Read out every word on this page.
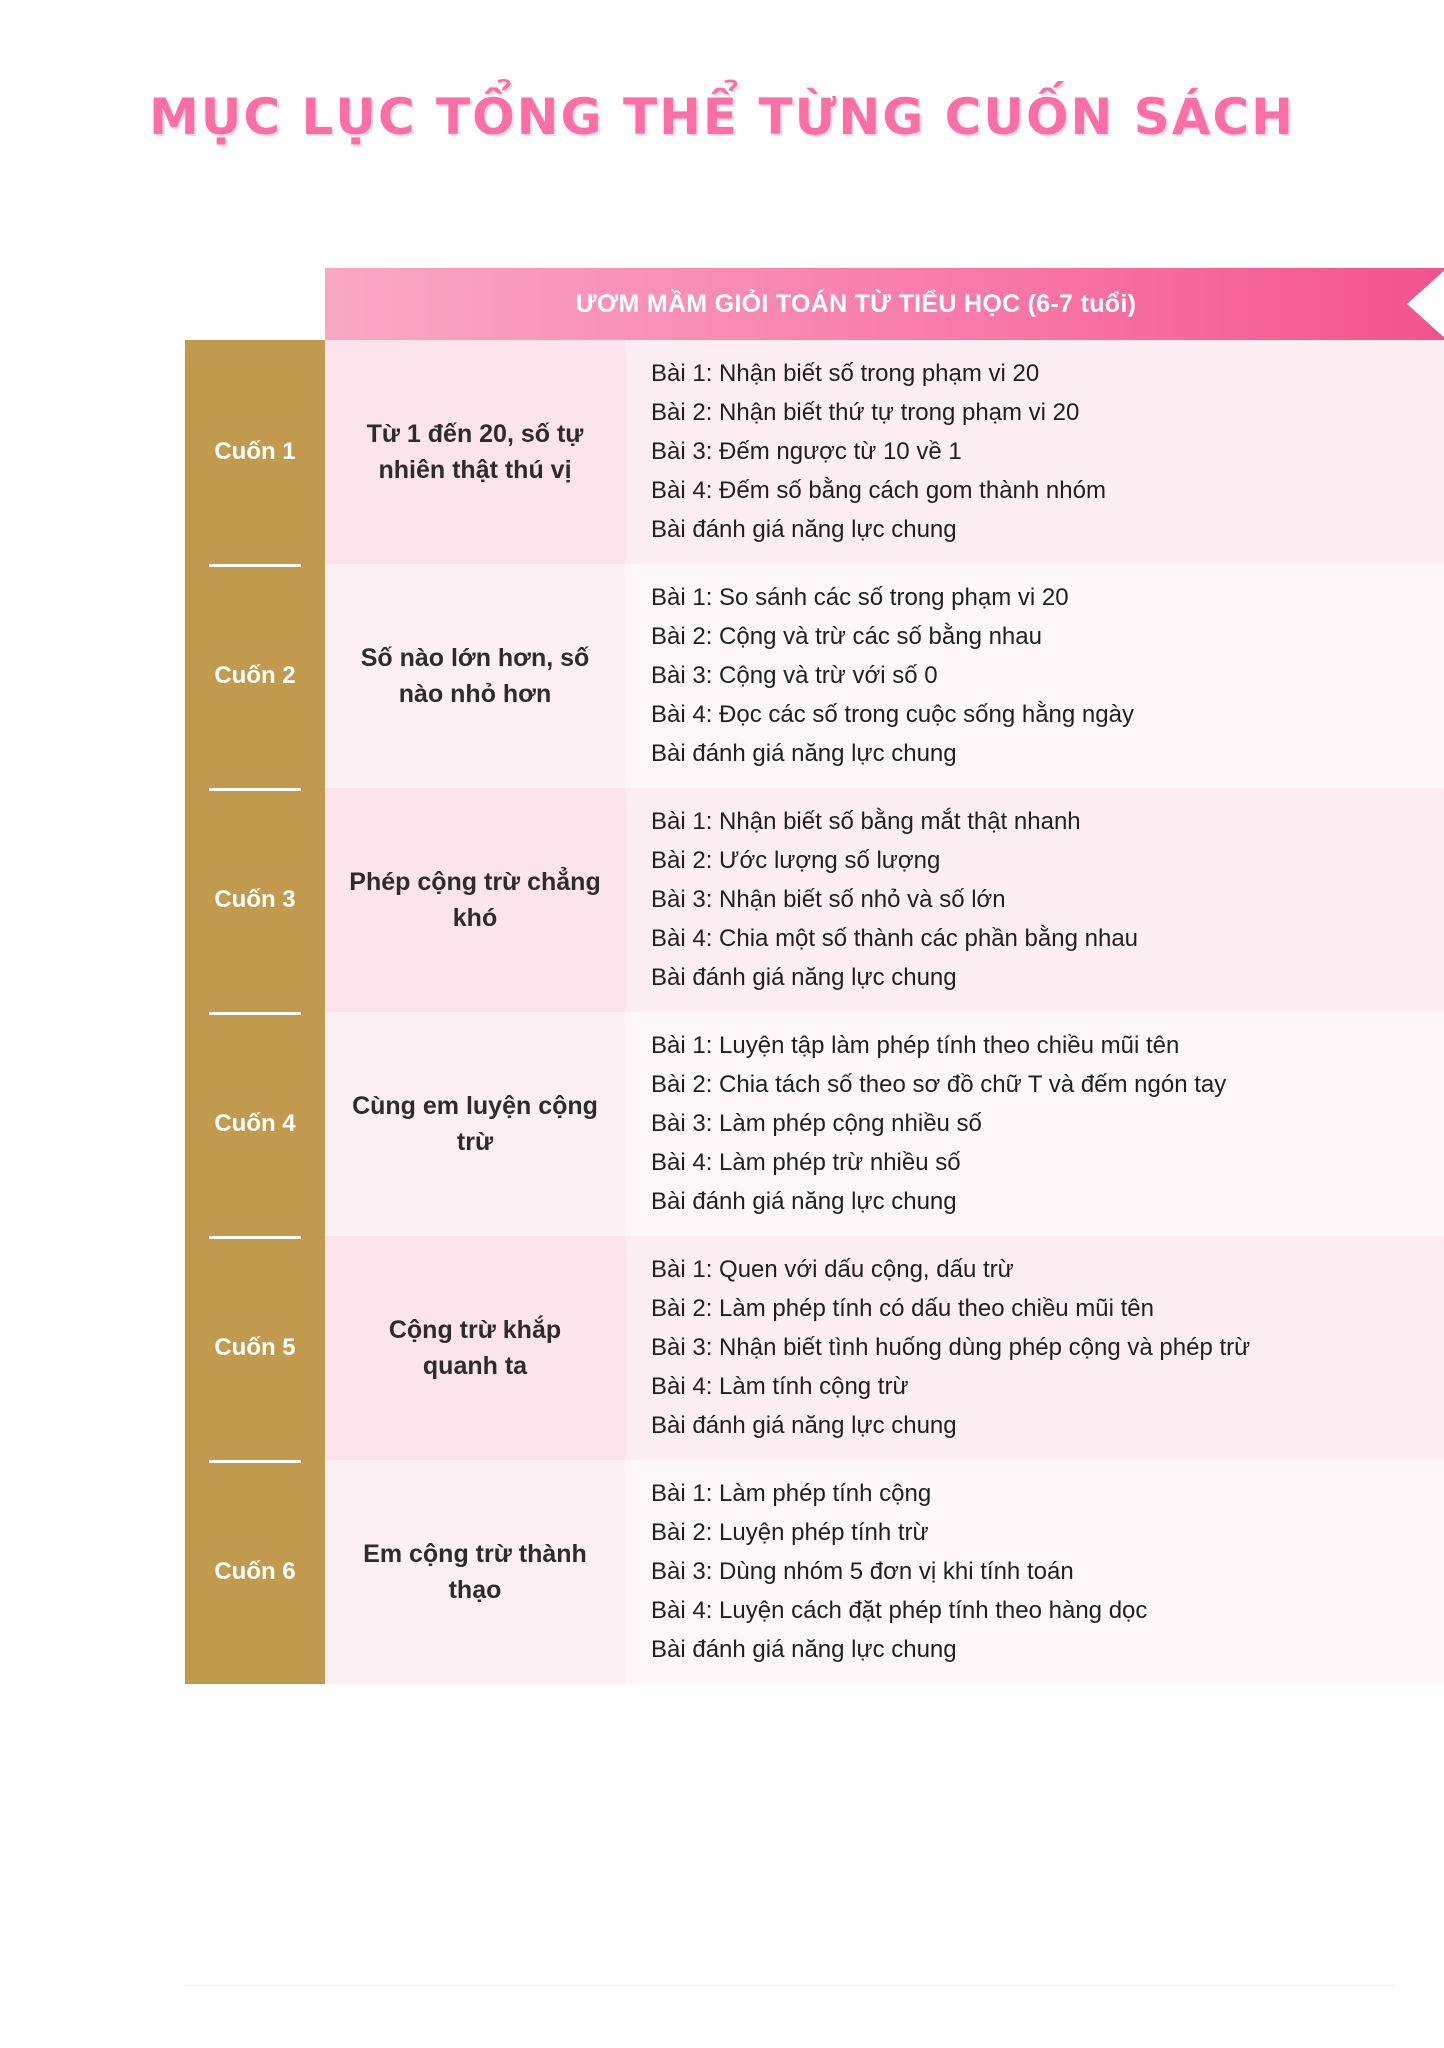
MỤC LỤC TỔNG THỂ TỪNG CUỐN SÁCH
ƯƠM MẦM GIỎI TOÁN TỪ TIỂU HỌC (6-7 tuổi)
Cuốn 1
Cuốn 2
Cuốn 3
Cuốn 4
Cuốn 5
Cuốn 6
Từ 1 đến 20, số tự nhiên thật thú vị
Bài 1: Nhận biết số trong phạm vi 20
Bài 2: Nhận biết thứ tự trong phạm vi 20
Bài 3: Đếm ngược từ 10 về 1
Bài 4: Đếm số bằng cách gom thành nhóm
Bài đánh giá năng lực chung
Số nào lớn hơn, số nào nhỏ hơn
Bài 1: So sánh các số trong phạm vi 20
Bài 2: Cộng và trừ các số bằng nhau
Bài 3: Cộng và trừ với số 0
Bài 4: Đọc các số trong cuộc sống hằng ngày
Bài đánh giá năng lực chung
Phép cộng trừ chẳng khó
Bài 1: Nhận biết số bằng mắt thật nhanh
Bài 2: Ước lượng số lượng
Bài 3: Nhận biết số nhỏ và số lớn
Bài 4: Chia một số thành các phần bằng nhau
Bài đánh giá năng lực chung
Cùng em luyện cộng trừ
Bài 1: Luyện tập làm phép tính theo chiều mũi tên
Bài 2: Chia tách số theo sơ đồ chữ T và đếm ngón tay
Bài 3: Làm phép cộng nhiều số
Bài 4: Làm phép trừ nhiều số
Bài đánh giá năng lực chung
Cộng trừ khắp quanh ta
Bài 1: Quen với dấu cộng, dấu trừ
Bài 2: Làm phép tính có dấu theo chiều mũi tên
Bài 3: Nhận biết tình huống dùng phép cộng và phép trừ
Bài 4: Làm tính cộng trừ
Bài đánh giá năng lực chung
Em cộng trừ thành thạo
Bài 1: Làm phép tính cộng
Bài 2: Luyện phép tính trừ
Bài 3: Dùng nhóm 5 đơn vị khi tính toán
Bài 4: Luyện cách đặt phép tính theo hàng dọc
Bài đánh giá năng lực chung
